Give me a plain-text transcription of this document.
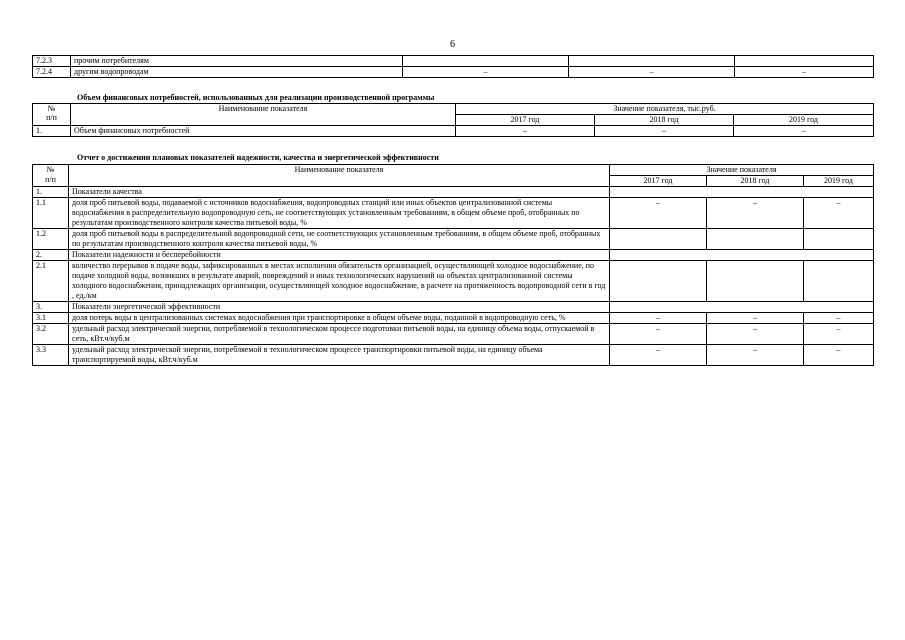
6
7.2.3	прочим потребителям			
7.2.4	другим водопроводам	–	–	–
Объем финансовых потребностей, использованных для реализации производственной программы
№
п/п	Наименование показателя	Значение показателя, тыс.руб.		
		2017 год	2018 год	2019 год
1.	Объем финансовых потребностей	–	–	–
Отчет о достижении плановых показателей надежности, качества и энергетической эффективности
№
п/п	Наименование показателя	Значение показателя		
		2017 год	2018 год	2019 год
1.	Показатели качества			
1.1	доля проб питьевой воды, подаваемой с источников водоснабжения, водопроводных станций или иных объектов централизованной системы водоснабжения в распределительную водопроводную сеть, не соответствующих установленным требованиям, в общем объеме проб, отобранных по результатам производственного контроля качества питьевой воды, %	–	–	–
1.2	доля проб питьевой воды в распределительной водопроводной сети, не соответствующих установленным требованиям, в общем объеме проб, отобранных по результатам производственного контроля качества питьевой воды, %			
2.	Показатели надежности и бесперебойности			
2.1	количество перерывов в подаче воды, зафиксированных в местах исполнения обязательств организацией, осуществляющей холодное водоснабжение, по подаче холодной воды, возникших в результате аварий, повреждений и иных технологических нарушений на объектах централизованной системы холодного водоснабжения, принадлежащих организации, осуществляющей холодное водоснабжение, в расчете на протяженность водопроводной сети в год , ед./км			
3.	Показатели энергетической эффективности			
3.1	доля потерь воды в централизованных системах водоснабжения при транспортировке в общем объеме воды, поданной в водопроводную сеть, %	–	–	–
3.2	удельный расход электрической энергии, потребляемой в технологическом процессе подготовки питьевой воды, на единицу объема воды, отпускаемой в сеть, кВт.ч/куб.м	–	–	–
3.3	удельный расход электрической энергии, потребляемой в технологическом процессе транспортировки питьевой воды, на единицу объема транспортируемой воды, кВт.ч/куб.м	–	–	–
